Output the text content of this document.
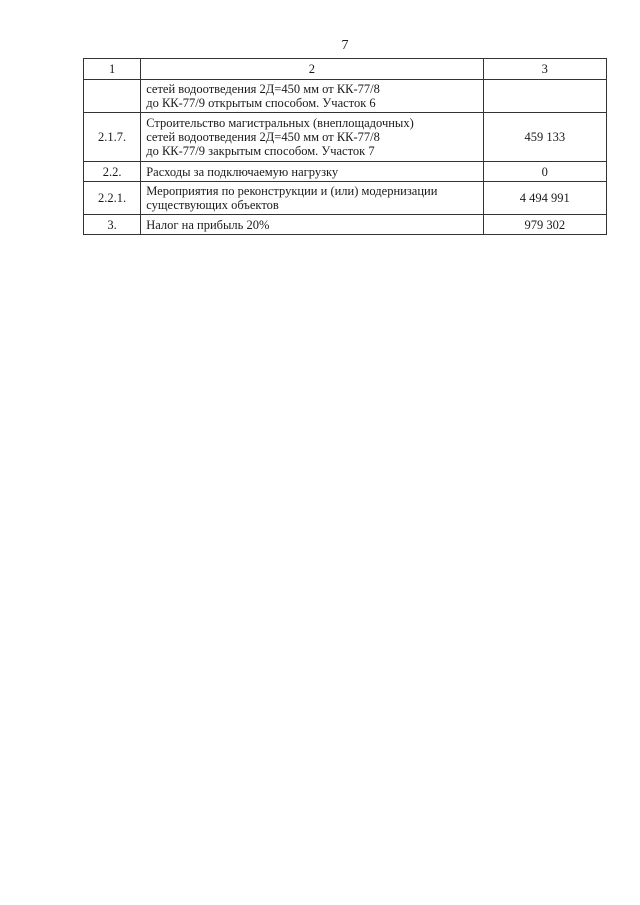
7
1	2	3

	сетей водоотведения 2Д=450 мм от КК-77/8
до КК-77/9 открытым способом. Участок 6	

2.1.7.	Строительство магистральных (внеплощадочных)
сетей водоотведения 2Д=450 мм от КК-77/8
до КК-77/9 закрытым способом. Участок 7	459 133
2.2.	Расходы за подключаемую нагрузку	0
2.2.1.	Мероприятия по реконструкции и (или) модернизации
существующих объектов	4 494 991
3.	Налог на прибыль 20%	979 302
